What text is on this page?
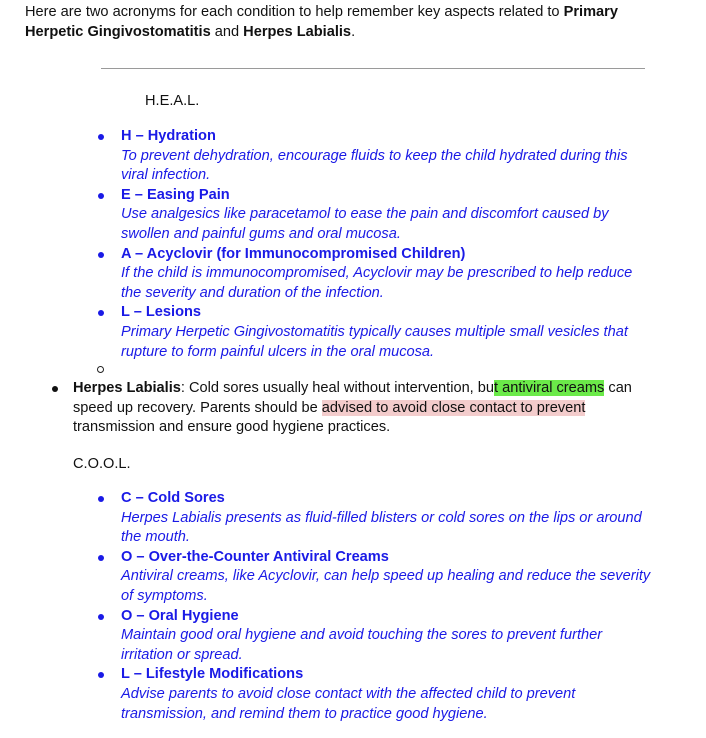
Here are two acronyms for each condition to help remember key aspects related to Primary Herpetic Gingivostomatitis and Herpes Labialis.
H.E.A.L.
H – Hydration
To prevent dehydration, encourage fluids to keep the child hydrated during this viral infection.
E – Easing Pain
Use analgesics like paracetamol to ease the pain and discomfort caused by swollen and painful gums and oral mucosa.
A – Acyclovir (for Immunocompromised Children)
If the child is immunocompromised, Acyclovir may be prescribed to help reduce the severity and duration of the infection.
L – Lesions
Primary Herpetic Gingivostomatitis typically causes multiple small vesicles that rupture to form painful ulcers in the oral mucosa.
Herpes Labialis: Cold sores usually heal without intervention, but antiviral creams can speed up recovery. Parents should be advised to avoid close contact to prevent transmission and ensure good hygiene practices.
C.O.O.L.
C – Cold Sores
Herpes Labialis presents as fluid-filled blisters or cold sores on the lips or around the mouth.
O – Over-the-Counter Antiviral Creams
Antiviral creams, like Acyclovir, can help speed up healing and reduce the severity of symptoms.
O – Oral Hygiene
Maintain good oral hygiene and avoid touching the sores to prevent further irritation or spread.
L – Lifestyle Modifications
Advise parents to avoid close contact with the affected child to prevent transmission, and remind them to practice good hygiene.
